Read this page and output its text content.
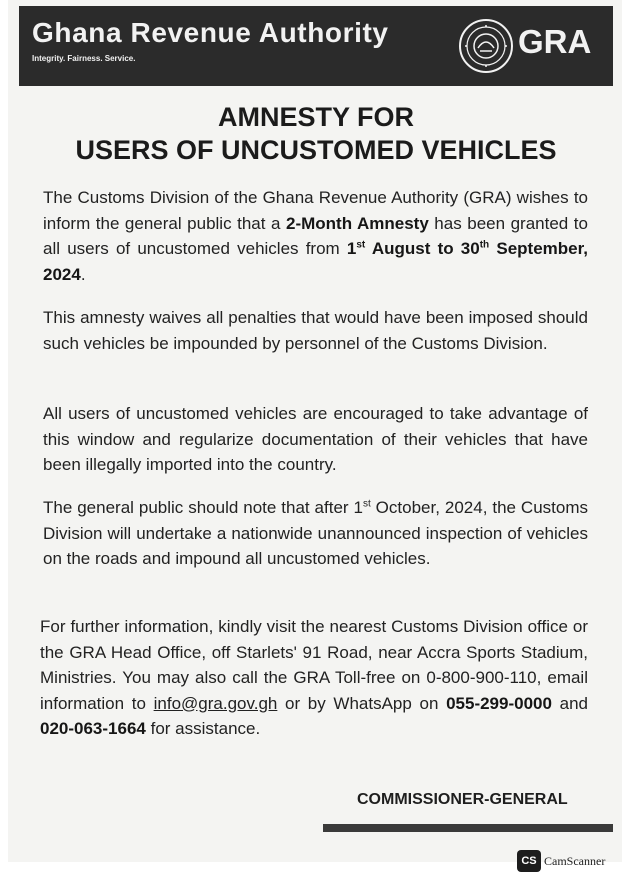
Ghana Revenue Authority
Integrity. Fairness. Service.	GRA
AMNESTY FOR
USERS OF UNCUSTOMED VEHICLES

The Customs Division of the Ghana Revenue Authority (GRA) wishes to inform the general public that a 2-Month Amnesty has been granted to all users of uncustomed vehicles from 1st August to 30th September, 2024.

This amnesty waives all penalties that would have been imposed should such vehicles be impounded by personnel of the Customs Division.

All users of uncustomed vehicles are encouraged to take advantage of this window and regularize documentation of their vehicles that have been illegally imported into the country.

The general public should note that after 1st October, 2024, the Customs Division will undertake a nationwide unannounced inspection of vehicles on the roads and impound all uncustomed vehicles.

For further information, kindly visit the nearest Customs Division office or the GRA Head Office, off Starlets' 91 Road, near Accra Sports Stadium, Ministries. You may also call the GRA Toll-free on 0-800-900-110, email information to info@gra.gov.gh or by WhatsApp on 055-299-0000 and 020-063-1664 for assistance.

COMMISSIONER-GENERAL
CS CamScanner
